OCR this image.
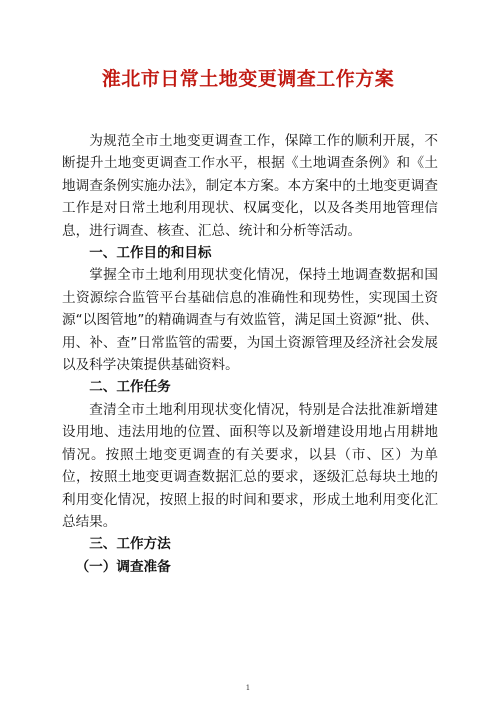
淮北市日常土地变更调查工作方案

为规范全市土地变更调查工作，保障工作的顺利开展，不断提升土地变更调查工作水平，根据《土地调查条例》和《土地调查条例实施办法》，制定本方案。本方案中的土地变更调查工作是对日常土地利用现状、权属变化，以及各类用地管理信息，进行调查、核查、汇总、统计和分析等活动。

一、工作目的和目标

掌握全市土地利用现状变化情况，保持土地调查数据和国土资源综合监管平台基础信息的准确性和现势性，实现国土资源“以图管地”的精确调查与有效监管，满足国土资源“批、供、用、补、查”日常监管的需要，为国土资源管理及经济社会发展以及科学决策提供基础资料。

二、工作任务

查清全市土地利用现状变化情况，特别是合法批准新增建设用地、违法用地的位置、面积等以及新增建设用地占用耕地情况。按照土地变更调查的有关要求，以县（市、区）为单位，按照土地变更调查数据汇总的要求，逐级汇总每块土地的利用变化情况，按照上报的时间和要求，形成土地利用变化汇总结果。

三、工作方法
（一）调查准备
1
